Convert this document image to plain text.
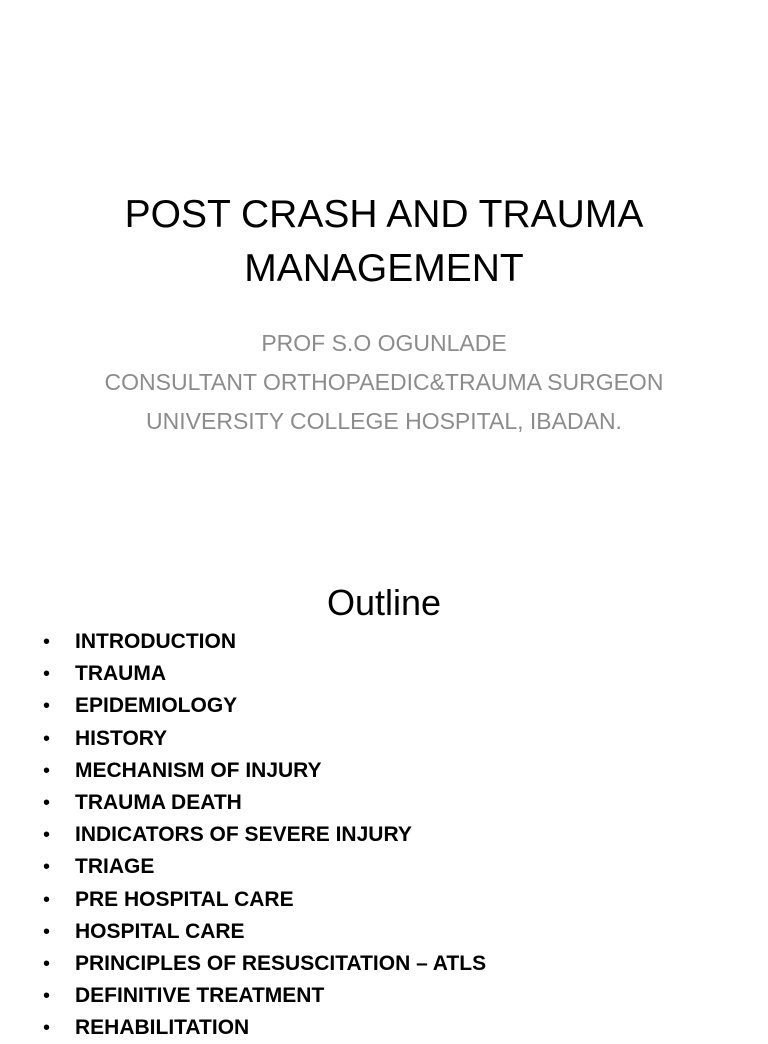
POST CRASH AND TRAUMA
MANAGEMENT
PROF S.O OGUNLADE
CONSULTANT ORTHOPAEDIC&TRAUMA SURGEON
UNIVERSITY COLLEGE HOSPITAL, IBADAN.
Outline
• INTRODUCTION
• TRAUMA
• EPIDEMIOLOGY
• HISTORY
• MECHANISM OF INJURY
• TRAUMA DEATH
• INDICATORS OF SEVERE INJURY
• TRIAGE
• PRE HOSPITAL CARE
• HOSPITAL CARE
• PRINCIPLES OF RESUSCITATION – ATLS
• DEFINITIVE TREATMENT
• REHABILITATION
